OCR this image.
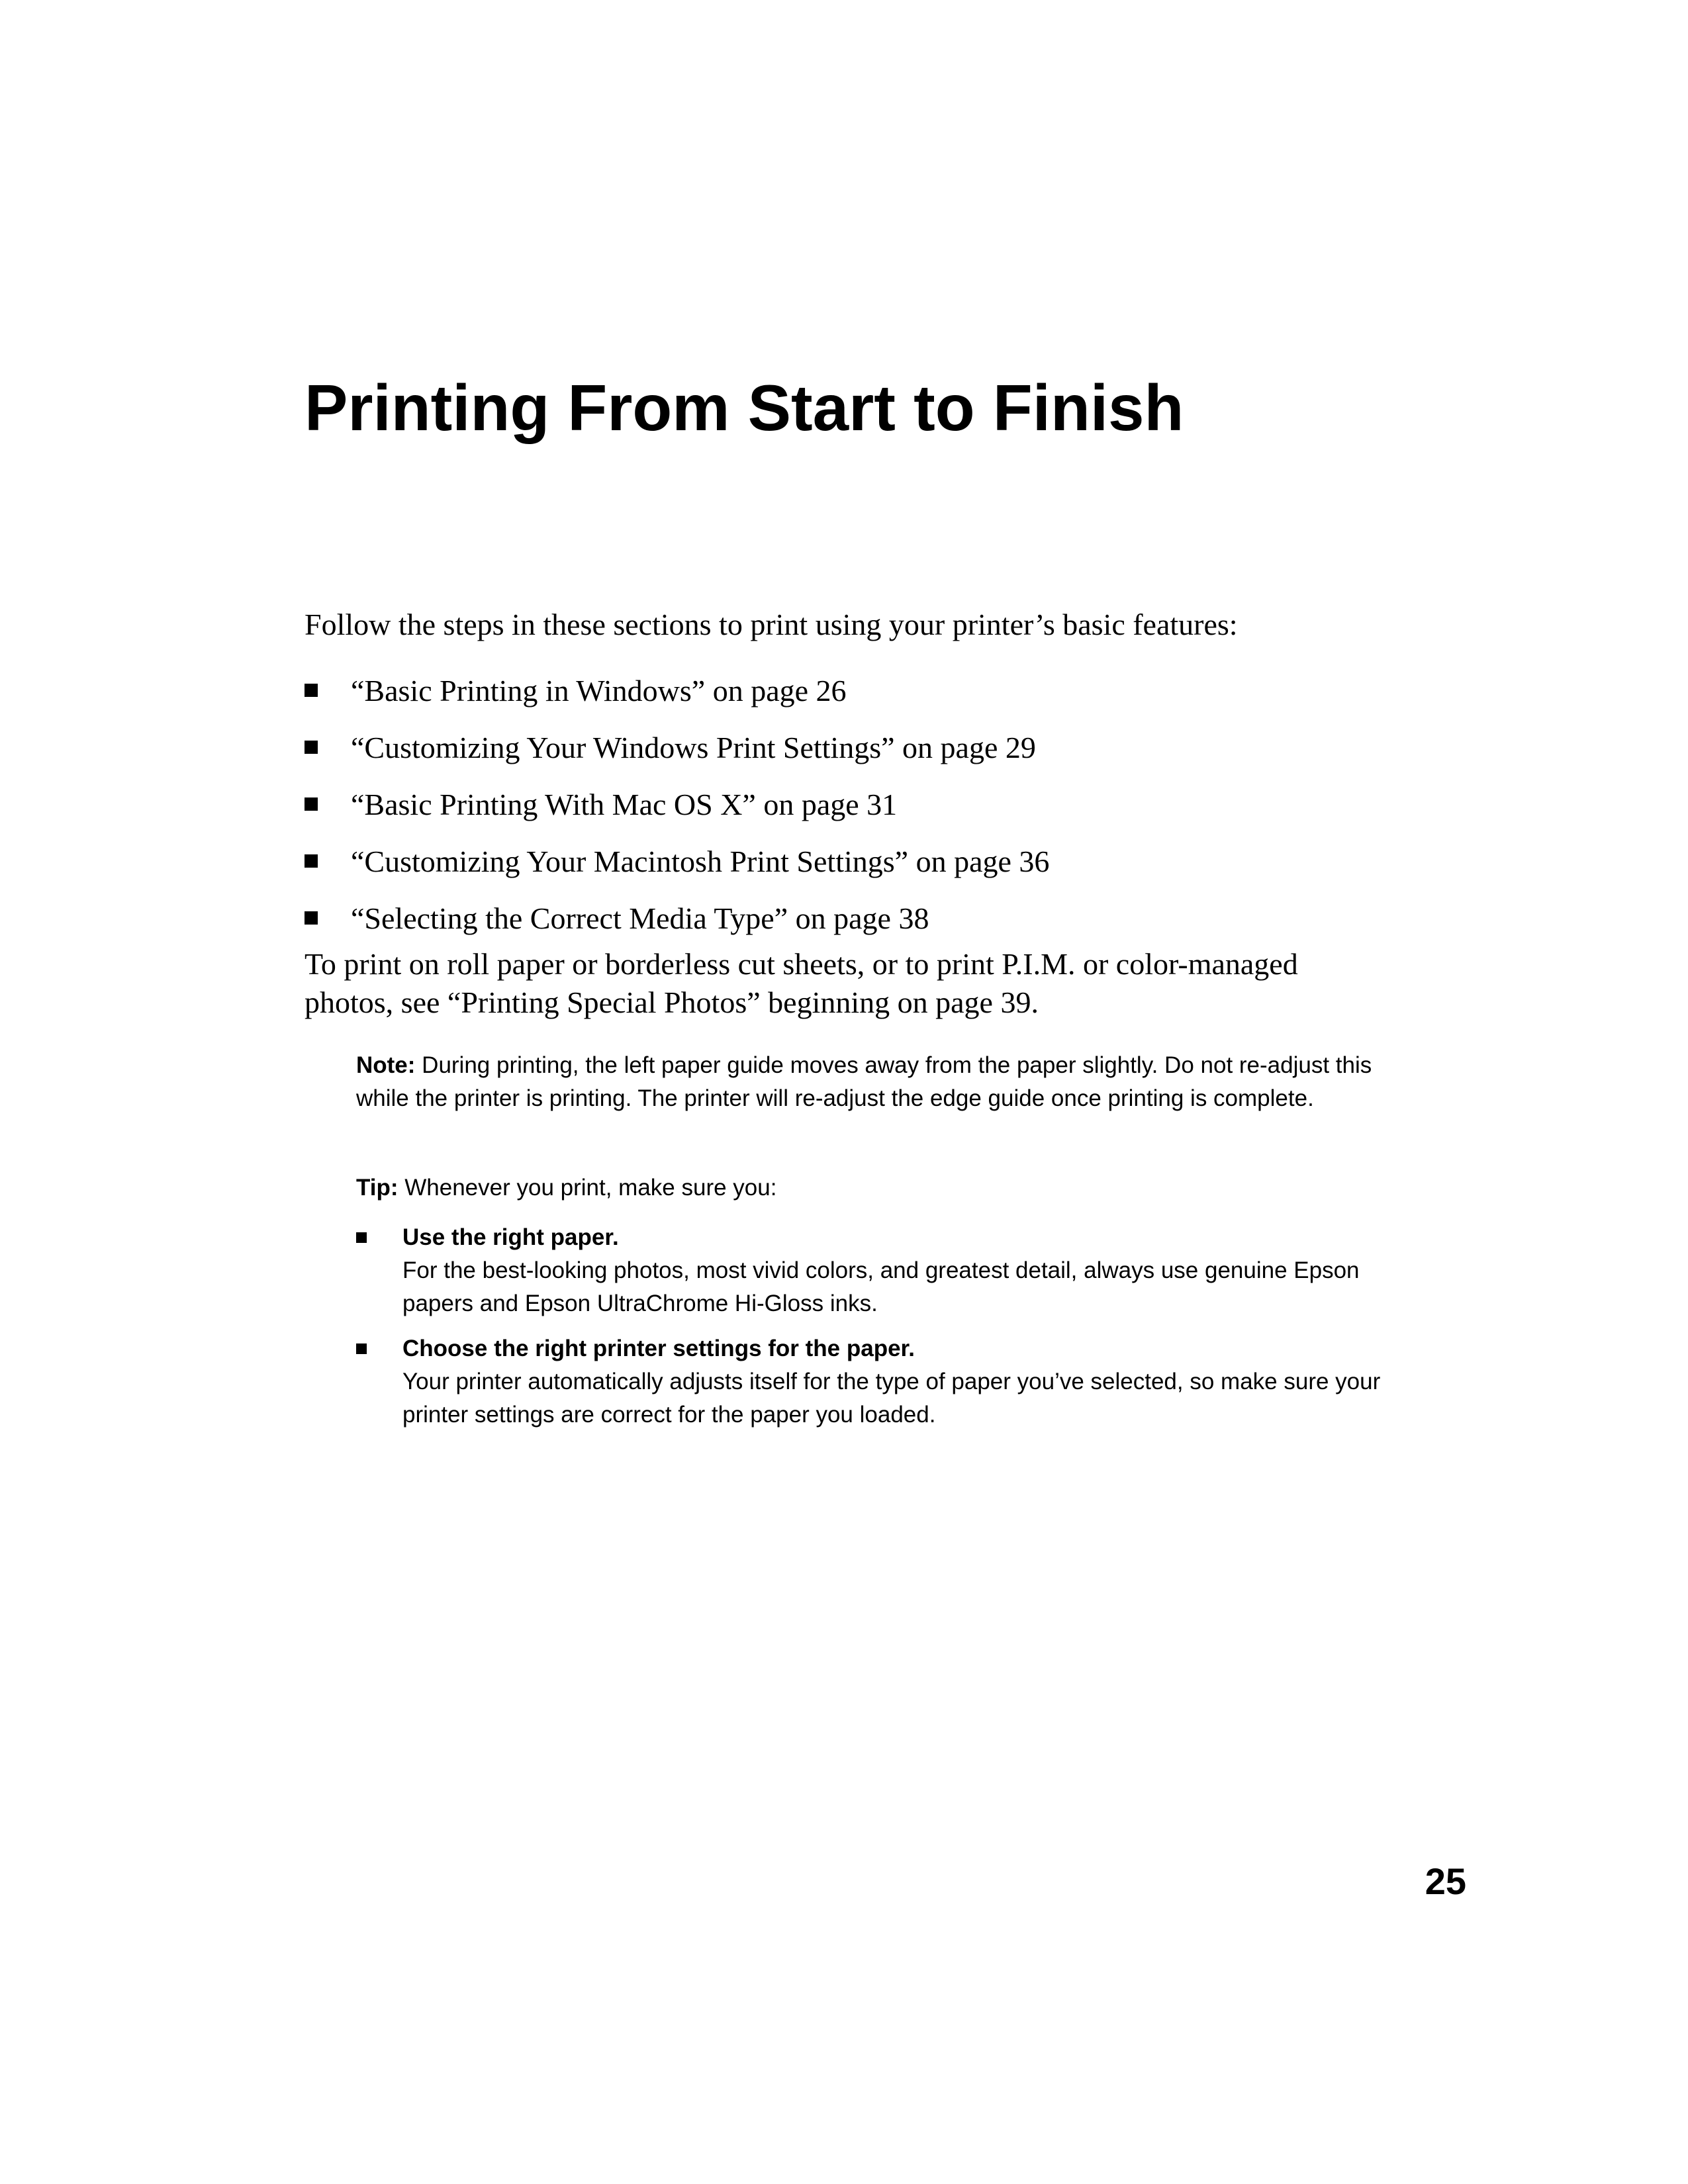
Printing From Start to Finish

Follow the steps in these sections to print using your printer’s basic features:

“Basic Printing in Windows” on page 26
“Customizing Your Windows Print Settings” on page 29
“Basic Printing With Mac OS X” on page 31
“Customizing Your Macintosh Print Settings” on page 36
“Selecting the Correct Media Type” on page 38

To print on roll paper or borderless cut sheets, or to print P.I.M. or color-managed photos, see “Printing Special Photos” beginning on page 39.

Note: During printing, the left paper guide moves away from the paper slightly. Do not re-adjust this while the printer is printing. The printer will re-adjust the edge guide once printing is complete.

Tip: Whenever you print, make sure you:

Use the right paper.
For the best-looking photos, most vivid colors, and greatest detail, always use genuine Epson papers and Epson UltraChrome Hi-Gloss inks.
Choose the right printer settings for the paper.
Your printer automatically adjusts itself for the type of paper you’ve selected, so make sure your printer settings are correct for the paper you loaded.
25
